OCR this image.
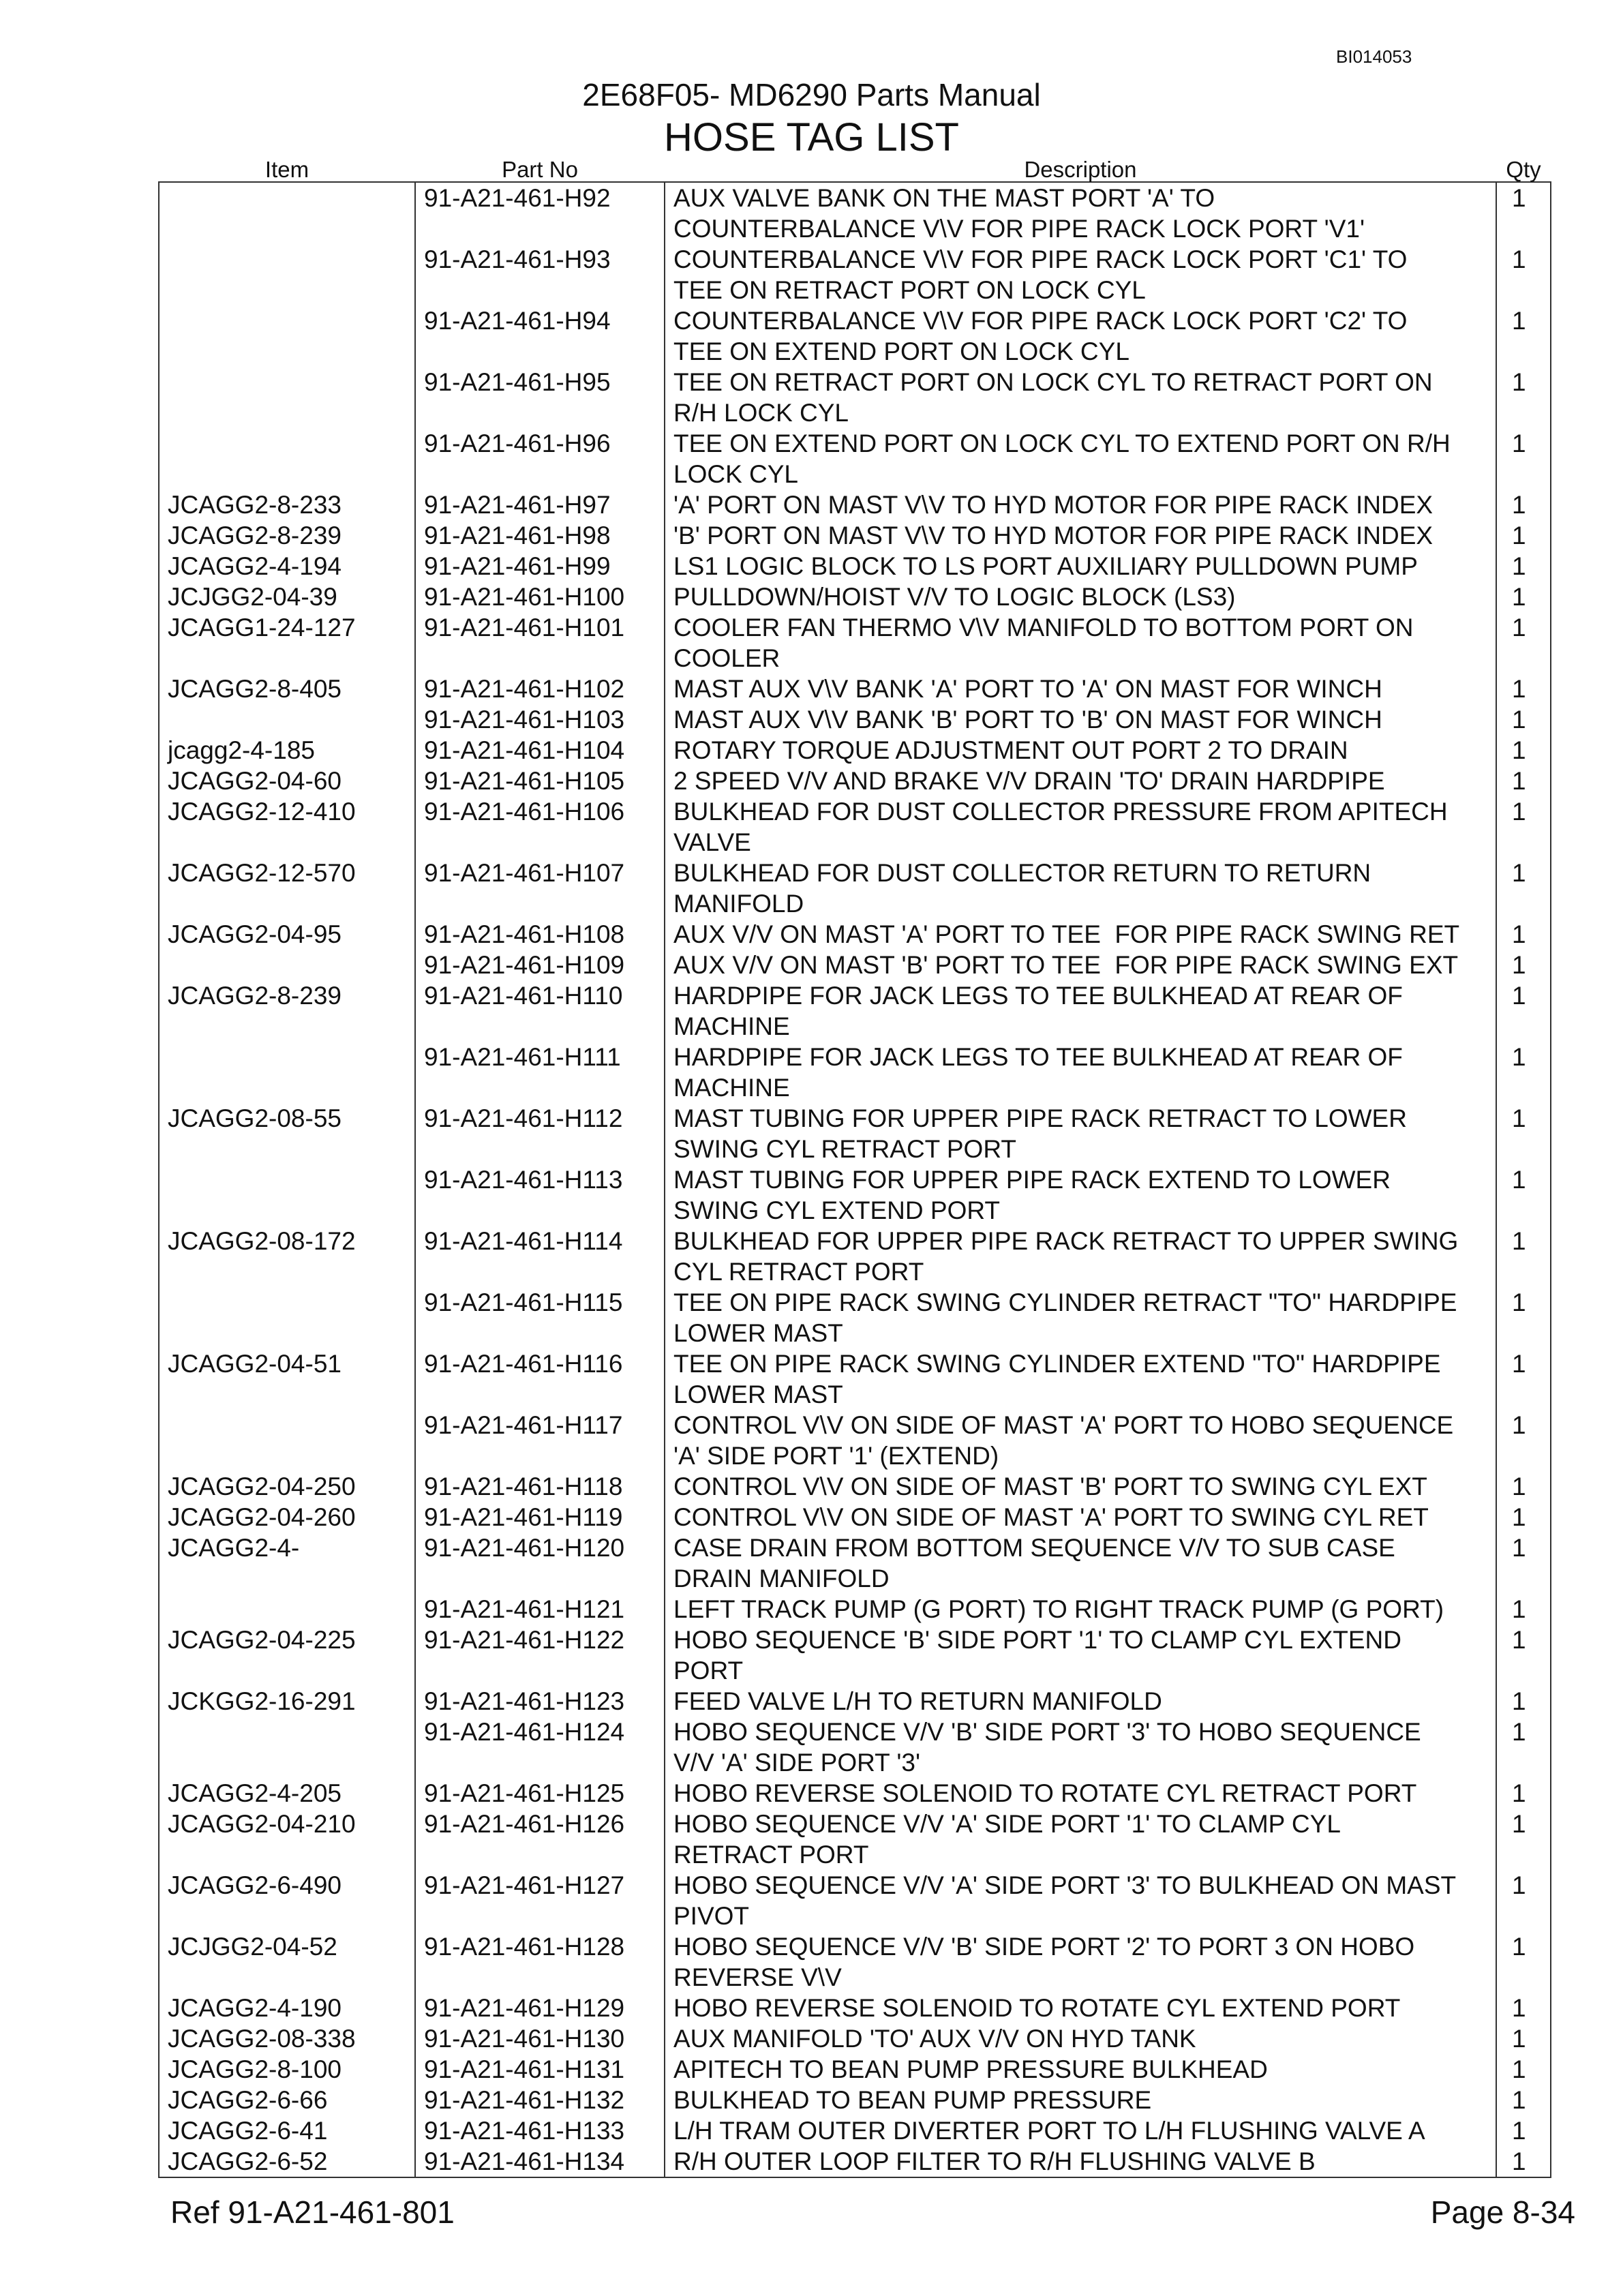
BI014053
2E68F05- MD6290 Parts Manual
HOSE TAG LIST
Item	Part No	Description	Qty
	91-A21-461-H92	AUX VALVE BANK ON THE MAST PORT 'A' TO
COUNTERBALANCE V\V FOR PIPE RACK LOCK PORT 'V1'	1
	91-A21-461-H93	COUNTERBALANCE V\V FOR PIPE RACK LOCK PORT 'C1' TO
TEE ON RETRACT PORT ON LOCK CYL	1
	91-A21-461-H94	COUNTERBALANCE V\V FOR PIPE RACK LOCK PORT 'C2' TO
TEE ON EXTEND PORT ON LOCK CYL	1
	91-A21-461-H95	TEE ON RETRACT PORT ON LOCK CYL TO RETRACT PORT ON
R/H LOCK CYL	1
	91-A21-461-H96	TEE ON EXTEND PORT ON LOCK CYL TO EXTEND PORT ON R/H
LOCK CYL	1
JCAGG2-8-233	91-A21-461-H97	'A' PORT ON MAST V\V TO HYD MOTOR FOR PIPE RACK INDEX	1
JCAGG2-8-239	91-A21-461-H98	'B' PORT ON MAST V\V TO HYD MOTOR FOR PIPE RACK INDEX	1
JCAGG2-4-194	91-A21-461-H99	LS1 LOGIC BLOCK TO LS PORT AUXILIARY PULLDOWN PUMP	1
JCJGG2-04-39	91-A21-461-H100	PULLDOWN/HOIST V/V TO LOGIC BLOCK (LS3)	1
JCAGG1-24-127	91-A21-461-H101	COOLER FAN THERMO V\V MANIFOLD TO BOTTOM PORT ON
COOLER	1
JCAGG2-8-405	91-A21-461-H102	MAST AUX V\V BANK 'A' PORT TO 'A' ON MAST FOR WINCH	1
	91-A21-461-H103	MAST AUX V\V BANK 'B' PORT TO 'B' ON MAST FOR WINCH	1
jcagg2-4-185	91-A21-461-H104	ROTARY TORQUE ADJUSTMENT OUT PORT 2 TO DRAIN	1
JCAGG2-04-60	91-A21-461-H105	2 SPEED V/V AND BRAKE V/V DRAIN 'TO' DRAIN HARDPIPE	1
JCAGG2-12-410	91-A21-461-H106	BULKHEAD FOR DUST COLLECTOR PRESSURE FROM APITECH
VALVE	1
JCAGG2-12-570	91-A21-461-H107	BULKHEAD FOR DUST COLLECTOR RETURN TO RETURN
MANIFOLD	1
JCAGG2-04-95	91-A21-461-H108	AUX V/V ON MAST 'A' PORT TO TEE  FOR PIPE RACK SWING RET	1
	91-A21-461-H109	AUX V/V ON MAST 'B' PORT TO TEE  FOR PIPE RACK SWING EXT	1
JCAGG2-8-239	91-A21-461-H110	HARDPIPE FOR JACK LEGS TO TEE BULKHEAD AT REAR OF
MACHINE	1
	91-A21-461-H111	HARDPIPE FOR JACK LEGS TO TEE BULKHEAD AT REAR OF
MACHINE	1
JCAGG2-08-55	91-A21-461-H112	MAST TUBING FOR UPPER PIPE RACK RETRACT TO LOWER
SWING CYL RETRACT PORT	1
	91-A21-461-H113	MAST TUBING FOR UPPER PIPE RACK EXTEND TO LOWER
SWING CYL EXTEND PORT	1
JCAGG2-08-172	91-A21-461-H114	BULKHEAD FOR UPPER PIPE RACK RETRACT TO UPPER SWING
CYL RETRACT PORT	1
	91-A21-461-H115	TEE ON PIPE RACK SWING CYLINDER RETRACT "TO" HARDPIPE
LOWER MAST	1
JCAGG2-04-51	91-A21-461-H116	TEE ON PIPE RACK SWING CYLINDER EXTEND "TO" HARDPIPE
LOWER MAST	1
	91-A21-461-H117	CONTROL V\V ON SIDE OF MAST 'A' PORT TO HOBO SEQUENCE
'A' SIDE PORT '1' (EXTEND)	1
JCAGG2-04-250	91-A21-461-H118	CONTROL V\V ON SIDE OF MAST 'B' PORT TO SWING CYL EXT	1
JCAGG2-04-260	91-A21-461-H119	CONTROL V\V ON SIDE OF MAST 'A' PORT TO SWING CYL RET	1
JCAGG2-4-	91-A21-461-H120	CASE DRAIN FROM BOTTOM SEQUENCE V/V TO SUB CASE
DRAIN MANIFOLD	1
	91-A21-461-H121	LEFT TRACK PUMP (G PORT) TO RIGHT TRACK PUMP (G PORT)	1
JCAGG2-04-225	91-A21-461-H122	HOBO SEQUENCE 'B' SIDE PORT '1' TO CLAMP CYL EXTEND
PORT	1
JCKGG2-16-291	91-A21-461-H123	FEED VALVE L/H TO RETURN MANIFOLD	1
	91-A21-461-H124	HOBO SEQUENCE V/V 'B' SIDE PORT '3' TO HOBO SEQUENCE
V/V 'A' SIDE PORT '3'	1
JCAGG2-4-205	91-A21-461-H125	HOBO REVERSE SOLENOID TO ROTATE CYL RETRACT PORT	1
JCAGG2-04-210	91-A21-461-H126	HOBO SEQUENCE V/V 'A' SIDE PORT '1' TO CLAMP CYL
RETRACT PORT	1
JCAGG2-6-490	91-A21-461-H127	HOBO SEQUENCE V/V 'A' SIDE PORT '3' TO BULKHEAD ON MAST
PIVOT	1
JCJGG2-04-52	91-A21-461-H128	HOBO SEQUENCE V/V 'B' SIDE PORT '2' TO PORT 3 ON HOBO
REVERSE V\V	1
JCAGG2-4-190	91-A21-461-H129	HOBO REVERSE SOLENOID TO ROTATE CYL EXTEND PORT	1
JCAGG2-08-338	91-A21-461-H130	AUX MANIFOLD 'TO' AUX V/V ON HYD TANK	1
JCAGG2-8-100	91-A21-461-H131	APITECH TO BEAN PUMP PRESSURE BULKHEAD	1
JCAGG2-6-66	91-A21-461-H132	BULKHEAD TO BEAN PUMP PRESSURE	1
JCAGG2-6-41	91-A21-461-H133	L/H TRAM OUTER DIVERTER PORT TO L/H FLUSHING VALVE A	1
JCAGG2-6-52	91-A21-461-H134	R/H OUTER LOOP FILTER TO R/H FLUSHING VALVE B	1
Ref 91-A21-461-801	Page 8-34
